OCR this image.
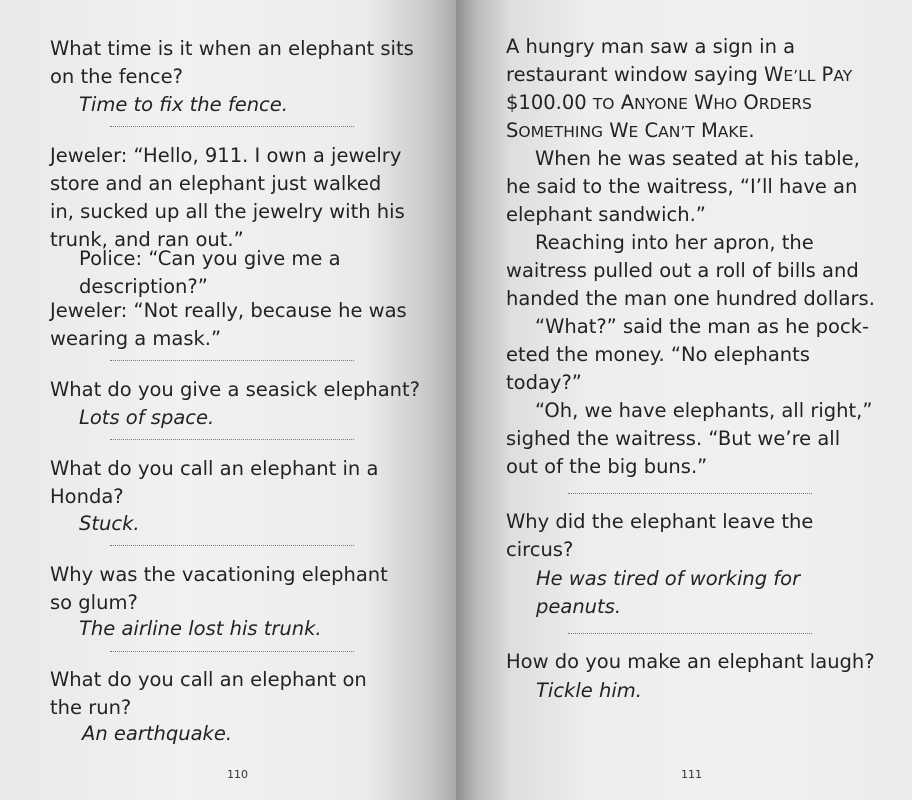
What time is it when an elephant sits
on the fence?
Time to fix the fence.
Jeweler: “Hello, 911. I own a jewelry
store and an elephant just walked
in, sucked up all the jewelry with his
trunk, and ran out.”
Police: “Can you give me a
description?”
Jeweler: “Not really, because he was
wearing a mask.”
What do you give a seasick elephant?
Lots of space.
What do you call an elephant in a
Honda?
Stuck.
Why was the vacationing elephant
so glum?
The airline lost his trunk.
What do you call an elephant on
the run?
An earthquake.
110
A hungry man saw a sign in a
restaurant window saying WE’LL PAY
$100.00 TO ANYONE WHO ORDERS
SOMETHING WE CAN’T MAKE.
When he was seated at his table,
he said to the waitress, “I’ll have an
elephant sandwich.”
Reaching into her apron, the
waitress pulled out a roll of bills and
handed the man one hundred dollars.
“What?” said the man as he pock-
eted the money. “No elephants
today?”
“Oh, we have elephants, all right,”
sighed the waitress. “But we’re all
out of the big buns.”
Why did the elephant leave the
circus?
He was tired of working for
peanuts.
How do you make an elephant laugh?
Tickle him.
111
